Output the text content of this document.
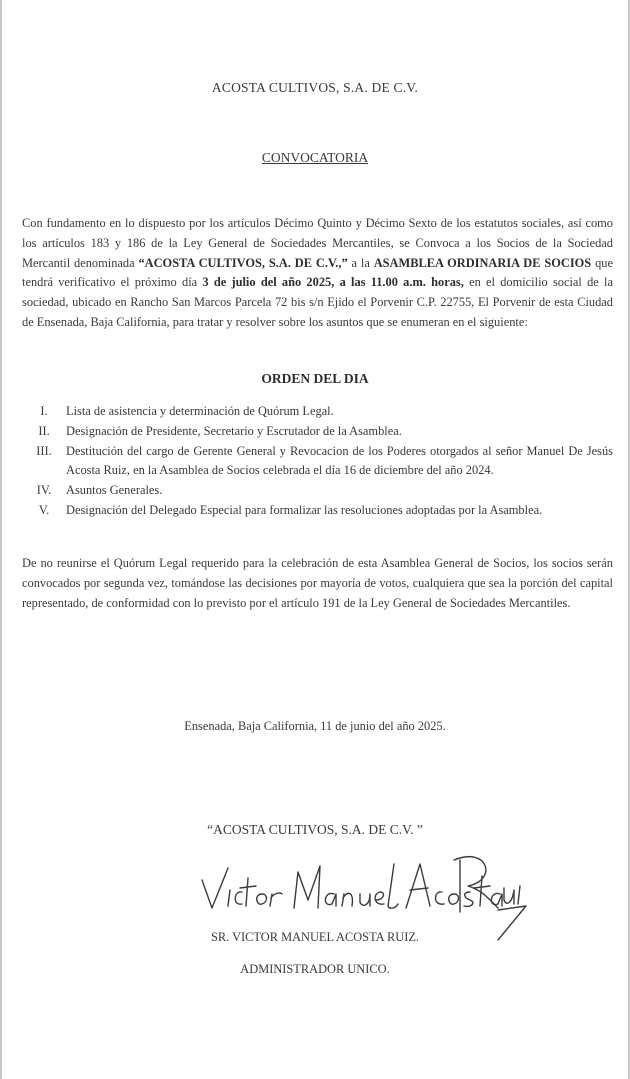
ACOSTA CULTIVOS, S.A. DE C.V.
CONVOCATORIA
Con fundamento en lo dispuesto por los artículos Décimo Quinto y Décimo Sexto de los estatutos sociales, así como los artículos 183 y 186 de la Ley General de Sociedades Mercantiles, se Convoca a los Socios de la Sociedad Mercantil denominada “ACOSTA CULTIVOS, S.A. DE C.V.,” a la ASAMBLEA ORDINARIA DE SOCIOS que tendrá verificativo el próximo día 3 de julio del año 2025, a las 11.00 a.m. horas, en el domicilio social de la sociedad, ubicado en Rancho San Marcos Parcela 72 bis s/n Ejido el Porvenir C.P. 22755, El Porvenir de esta Ciudad de Ensenada, Baja California, para tratar y resolver sobre los asuntos que se enumeran en el siguiente:
ORDEN DEL DIA
I.	Lista de asistencia y determinación de Quórum Legal.
II.	Designación de Presidente, Secretario y Escrutador de la Asamblea.
III.	Destitución del cargo de Gerente General y Revocacion de los Poderes otorgados al señor Manuel De Jesús Acosta Ruiz, en la Asamblea de Socios celebrada el día 16 de diciembre del año 2024.
IV.	Asuntos Generales.
V.	Designación del Delegado Especial para formalizar las resoluciones adoptadas por la Asamblea.
De no reunirse el Quórum Legal requerido para la celebración de esta Asamblea General de Socios, los socios serán convocados por segunda vez, tomándose las decisiones por mayoría de votos, cualquiera que sea la porción del capital representado, de conformidad con lo previsto por el artículo 191 de la Ley General de Sociedades Mercantiles.
Ensenada, Baja California, 11 de junio del año 2025.
“ACOSTA CULTIVOS, S.A. DE C.V. ”
SR. VICTOR MANUEL ACOSTA RUIZ.
ADMINISTRADOR UNICO.
